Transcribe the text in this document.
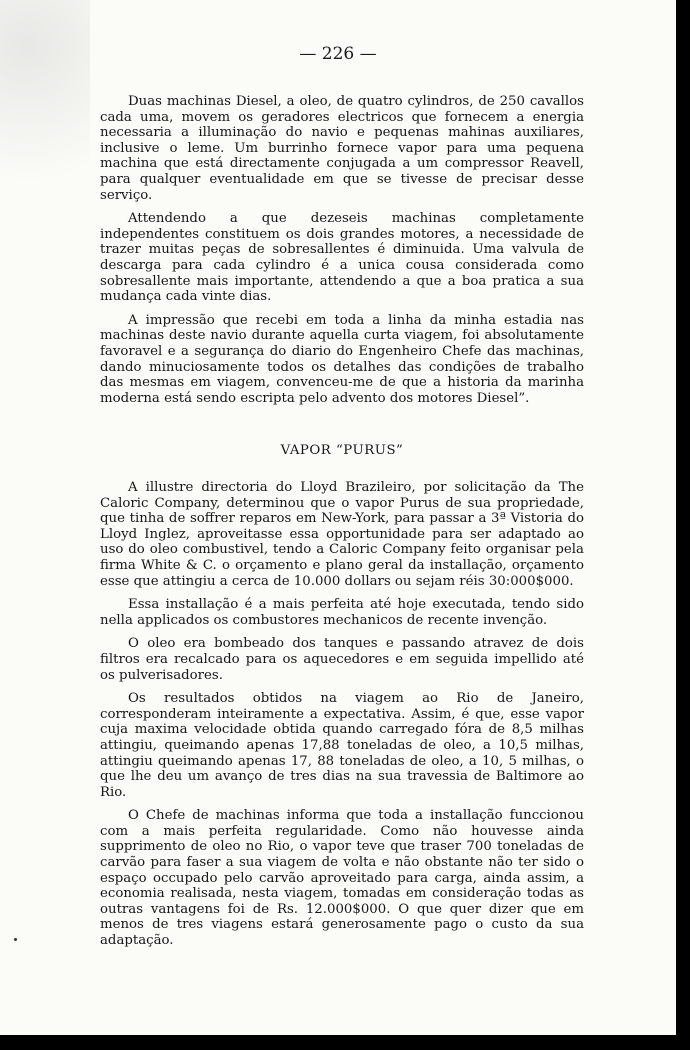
— 226 —

Duas machinas Diesel, a oleo, de quatro cylindros, de 250 cavallos cada uma, movem os geradores electricos que fornecem a energia necessaria a illuminação do navio e pequenas mahinas auxiliares, inclusive o leme. Um burrinho fornece vapor para uma pequena machina que está directamente conjugada a um compressor Reavell, para qualquer eventualidade em que se tivesse de precisar desse serviço.

Attendendo a que dezeseis machinas completamente independentes constituem os dois grandes motores, a necessidade de trazer muitas peças de sobresallentes é diminuida. Uma valvula de descarga para cada cylindro é a unica cousa considerada como sobresallente mais importante, attendendo a que a boa pratica a sua mudança cada vinte dias.

A impressão que recebi em toda a linha da minha estadia nas machinas deste navio durante aquella curta viagem, foi absolutamente favoravel e a segurança do diario do Engenheiro Chefe das machinas, dando minuciosamente todos os detalhes das condições de trabalho das mesmas em viagem, convenceu-me de que a historia da marinha moderna está sendo escripta pelo advento dos motores Diesel”.

VAPOR “PURUS”

A illustre directoria do Lloyd Brazileiro, por solicitação da The Caloric Company, determinou que o vapor Purus de sua propriedade, que tinha de soffrer reparos em New-York, para passar a 3ª Vistoria do Lloyd Inglez, aproveitasse essa opportunidade para ser adaptado ao uso do oleo combustivel, tendo a Caloric Company feito organisar pela firma White & C. o orçamento e plano geral da installação, orçamento esse que attingiu a cerca de 10.000 dollars ou sejam réis 30:000$000.

Essa installação é a mais perfeita até hoje executada, tendo sido nella applicados os combustores mechanicos de recente invenção.

O oleo era bombeado dos tanques e passando atravez de dois filtros era recalcado para os aquecedores e em seguida impellido até os pulverisadores.

Os resultados obtidos na viagem ao Rio de Janeiro, corresponderam inteiramente a expectativa. Assim, é que, esse vapor cuja maxima velocidade obtida quando carregado fóra de 8,5 milhas attingiu, queimando apenas 17,88 toneladas de oleo, a 10,5 milhas, attingiu queimando apenas 17, 88 toneladas de oleo, a 10, 5 milhas, o que lhe deu um avanço de tres dias na sua travessia de Baltimore ao Rio.

O Chefe de machinas informa que toda a installação funccionou com a mais perfeita regularidade. Como não houvesse ainda supprimento de oleo no Rio, o vapor teve que traser 700 toneladas de carvão para faser a sua viagem de volta e não obstante não ter sido o espaço occupado pelo carvão aproveitado para carga, ainda assim, a economia realisada, nesta viagem, tomadas em consideração todas as outras vantagens foi de Rs. 12.000$000. O que quer dizer que em menos de tres viagens estará generosamente pago o custo da sua adaptação.
